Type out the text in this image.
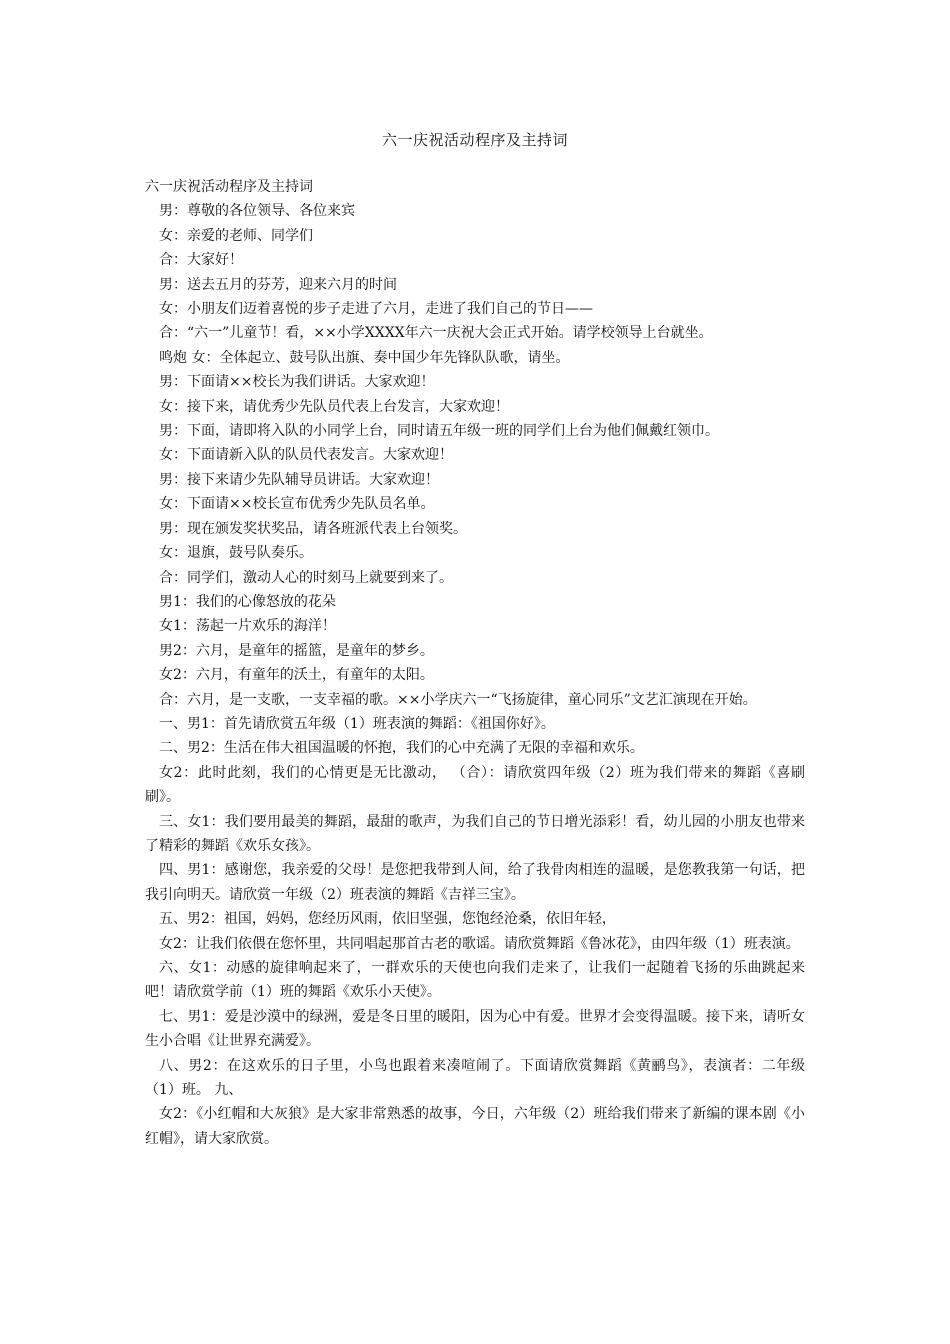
六一庆祝活动程序及主持词

六一庆祝活动程序及主持词

男：尊敬的各位领导、各位来宾

女：亲爱的老师、同学们

合：大家好！

男：送去五月的芬芳，迎来六月的时间

女：小朋友们迈着喜悦的步子走进了六月，走进了我们自己的节日——

合：“六一”儿童节！看，××小学XXXX年六一庆祝大会正式开始。请学校领导上台就坐。

鸣炮 女：全体起立、鼓号队出旗、奏中国少年先锋队队歌，请坐。

男：下面请××校长为我们讲话。大家欢迎！

女：接下来，请优秀少先队员代表上台发言，大家欢迎！

男：下面，请即将入队的小同学上台，同时请五年级一班的同学们上台为他们佩戴红领巾。

女：下面请新入队的队员代表发言。大家欢迎！

男：接下来请少先队辅导员讲话。大家欢迎！

女：下面请××校长宣布优秀少先队员名单。

男：现在颁发奖状奖品，请各班派代表上台领奖。

女：退旗，鼓号队奏乐。

合：同学们，激动人心的时刻马上就要到来了。

男1：我们的心像怒放的花朵

女1：荡起一片欢乐的海洋！

男2：六月，是童年的摇篮，是童年的梦乡。

女2：六月，有童年的沃土，有童年的太阳。

合：六月，是一支歌，一支幸福的歌。××小学庆六一“飞扬旋律，童心同乐”文艺汇演现在开始。

一、男1：首先请欣赏五年级（1）班表演的舞蹈：《祖国你好》。

二、男2：生活在伟大祖国温暖的怀抱，我们的心中充满了无限的幸福和欢乐。

女2：此时此刻，我们的心情更是无比激动， （合）：请欣赏四年级（2）班为我们带来的舞蹈《喜刷刷》。

三、女1：我们要用最美的舞蹈，最甜的歌声，为我们自己的节日增光添彩！看，幼儿园的小朋友也带来了精彩的舞蹈《欢乐女孩》。

四、男1：感谢您，我亲爱的父母！是您把我带到人间，给了我骨肉相连的温暖，是您教我第一句话，把我引向明天。请欣赏一年级（2）班表演的舞蹈《吉祥三宝》。

五、男2：祖国，妈妈，您经历风雨，依旧坚强，您饱经沧桑，依旧年轻，

女2：让我们依偎在您怀里，共同唱起那首古老的歌谣。请欣赏舞蹈《鲁冰花》，由四年级（1）班表演。

六、女1：动感的旋律响起来了，一群欢乐的天使也向我们走来了，让我们一起随着飞扬的乐曲跳起来吧！请欣赏学前（1）班的舞蹈《欢乐小天使》。

七、男1：爱是沙漠中的绿洲，爱是冬日里的暖阳，因为心中有爱。世界才会变得温暖。接下来，请听女生小合唱《让世界充满爱》。

八、男2：在这欢乐的日子里，小鸟也跟着来凑喧闹了。下面请欣赏舞蹈《黄鹂鸟》，表演者：二年级（1）班。 九、

女2：《小红帽和大灰狼》是大家非常熟悉的故事，今日，六年级（2）班给我们带来了新编的课本剧《小红帽》，请大家欣赏。
